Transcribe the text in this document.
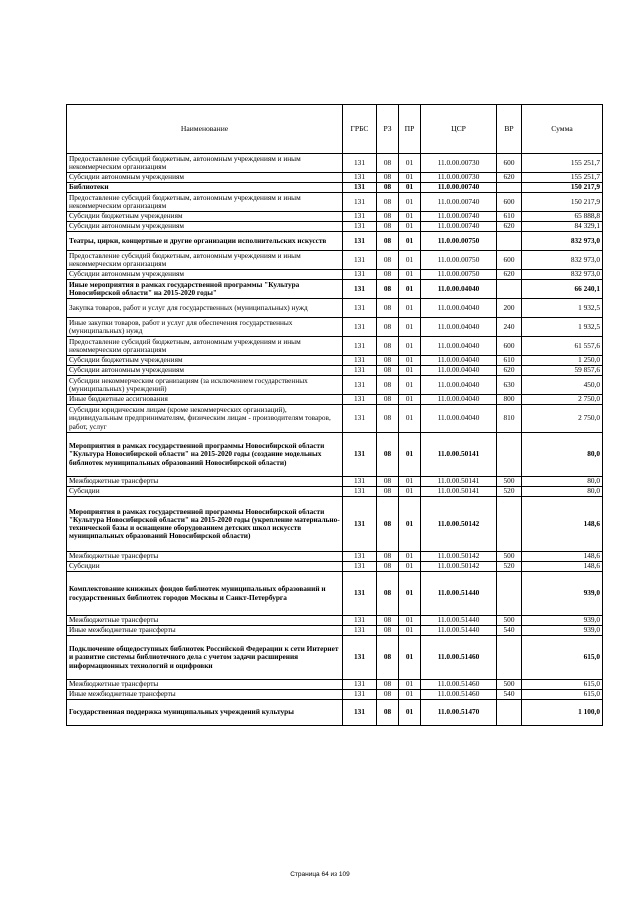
Наименование	ГРБС	РЗ	ПР	ЦСР	ВР	Сумма
Предоставление субсидий бюджетным, автономным учреждениям и иным некоммерческим организациям	131	08	01	11.0.00.00730	600	155 251,7
Субсидии автономным учреждениям	131	08	01	11.0.00.00730	620	155 251,7
Библиотеки	131	08	01	11.0.00.00740		150 217,9
Предоставление субсидий бюджетным, автономным учреждениям и иным некоммерческим организациям	131	08	01	11.0.00.00740	600	150 217,9
Субсидии бюджетным учреждениям	131	08	01	11.0.00.00740	610	65 888,8
Субсидии автономным учреждениям	131	08	01	11.0.00.00740	620	84 329,1
Театры, цирки, концертные и другие организации исполнительских искусств	131	08	01	11.0.00.00750		832 973,0
Предоставление субсидий бюджетным, автономным учреждениям и иным некоммерческим организациям	131	08	01	11.0.00.00750	600	832 973,0
Субсидии автономным учреждениям	131	08	01	11.0.00.00750	620	832 973,0
Иные мероприятия в рамках государственной программы "Культура Новосибирской области" на 2015-2020 годы"	131	08	01	11.0.00.04040		66 240,1
Закупка товаров, работ и услуг для государственных (муниципальных) нужд	131	08	01	11.0.00.04040	200	1 932,5
Иные закупки товаров, работ и услуг для обеспечения государственных (муниципальных) нужд	131	08	01	11.0.00.04040	240	1 932,5
Предоставление субсидий бюджетным, автономным учреждениям и иным некоммерческим организациям	131	08	01	11.0.00.04040	600	61 557,6
Субсидии бюджетным учреждениям	131	08	01	11.0.00.04040	610	1 250,0
Субсидии автономным учреждениям	131	08	01	11.0.00.04040	620	59 857,6
Субсидии некоммерческим организациям (за исключением государственных (муниципальных) учреждений)	131	08	01	11.0.00.04040	630	450,0
Иные бюджетные ассигнования	131	08	01	11.0.00.04040	800	2 750,0
Субсидии юридическим лицам (кроме некоммерческих организаций), индивидуальным предпринимателям, физическим лицам - производителям товаров, работ, услуг	131	08	01	11.0.00.04040	810	2 750,0
Мероприятия в рамках государственной программы Новосибирской области "Культура Новосибирской области" на 2015-2020 годы (создание модельных библиотек муниципальных образований Новосибирской области)	131	08	01	11.0.00.50141		80,0
Межбюджетные трансферты	131	08	01	11.0.00.50141	500	80,0
Субсидии	131	08	01	11.0.00.50141	520	80,0
Мероприятия в рамках государственной программы Новосибирской области "Культура Новосибирской области" на 2015-2020 годы (укрепление материально-технической базы и оснащение оборудованием детских школ искусств муниципальных образований Новосибирской области)	131	08	01	11.0.00.50142		148,6
Межбюджетные трансферты	131	08	01	11.0.00.50142	500	148,6
Субсидии	131	08	01	11.0.00.50142	520	148,6
Комплектование книжных фондов библиотек муниципальных образований и государственных библиотек городов Москвы и Санкт-Петербурга	131	08	01	11.0.00.51440		939,0
Межбюджетные трансферты	131	08	01	11.0.00.51440	500	939,0
Иные межбюджетные трансферты	131	08	01	11.0.00.51440	540	939,0
Подключение общедоступных библиотек Российской Федерации к сети Интернет и развитие системы библиотечного дела с учетом задачи расширения информационных технологий и оцифровки	131	08	01	11.0.00.51460		615,0
Межбюджетные трансферты	131	08	01	11.0.00.51460	500	615,0
Иные межбюджетные трансферты	131	08	01	11.0.00.51460	540	615,0
Государственная поддержка муниципальных учреждений культуры	131	08	01	11.0.00.51470		1 100,0
Страница 64 из 109
